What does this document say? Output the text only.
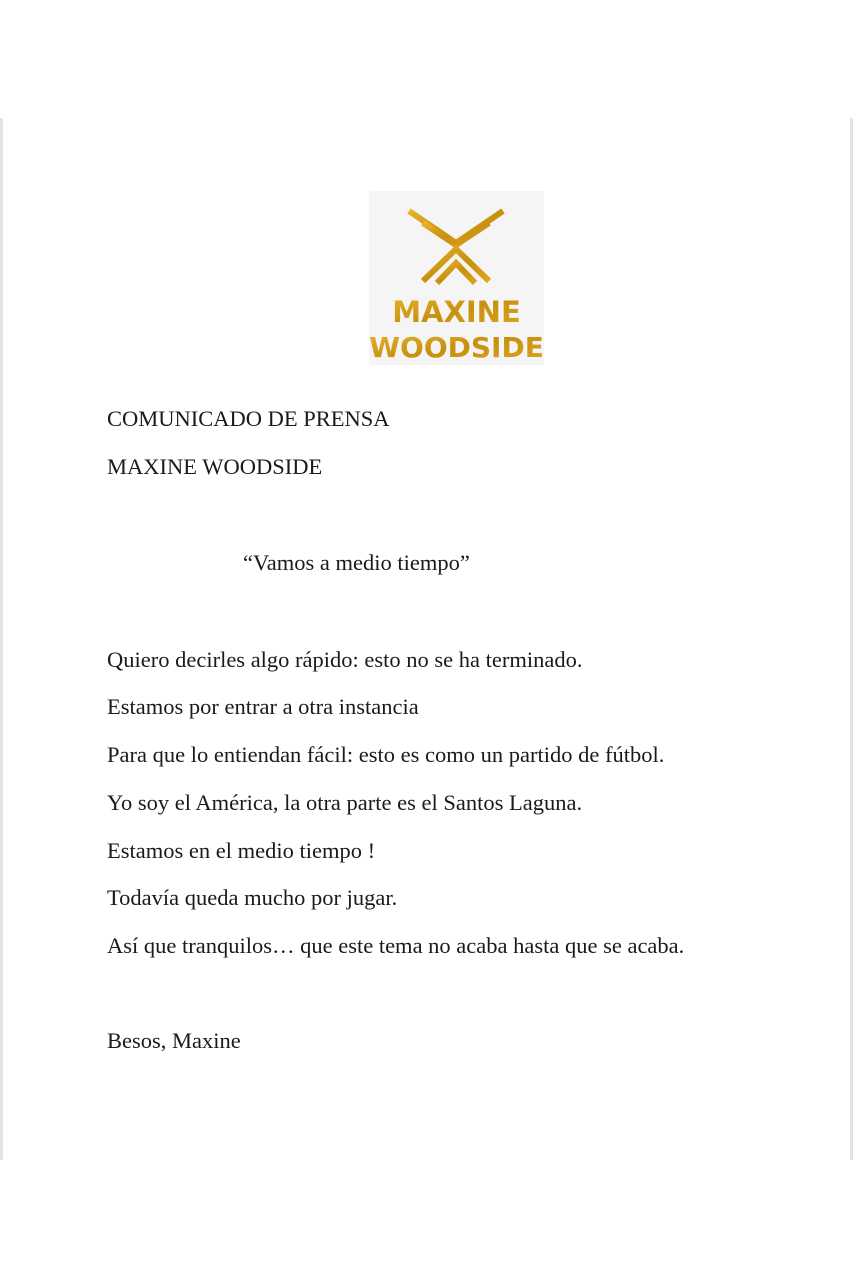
MAXINE
WOODSIDE

COMUNICADO DE PRENSA

MAXINE WOODSIDE

“Vamos a medio tiempo”

Quiero decirles algo rápido: esto no se ha terminado.

Estamos por entrar a otra instancia

Para que lo entiendan fácil: esto es como un partido de fútbol.

Yo soy el América, la otra parte es el Santos Laguna.

Estamos en el medio tiempo !

Todavía queda mucho por jugar.

Así que tranquilos… que este tema no acaba hasta que se acaba.

Besos, Maxine
